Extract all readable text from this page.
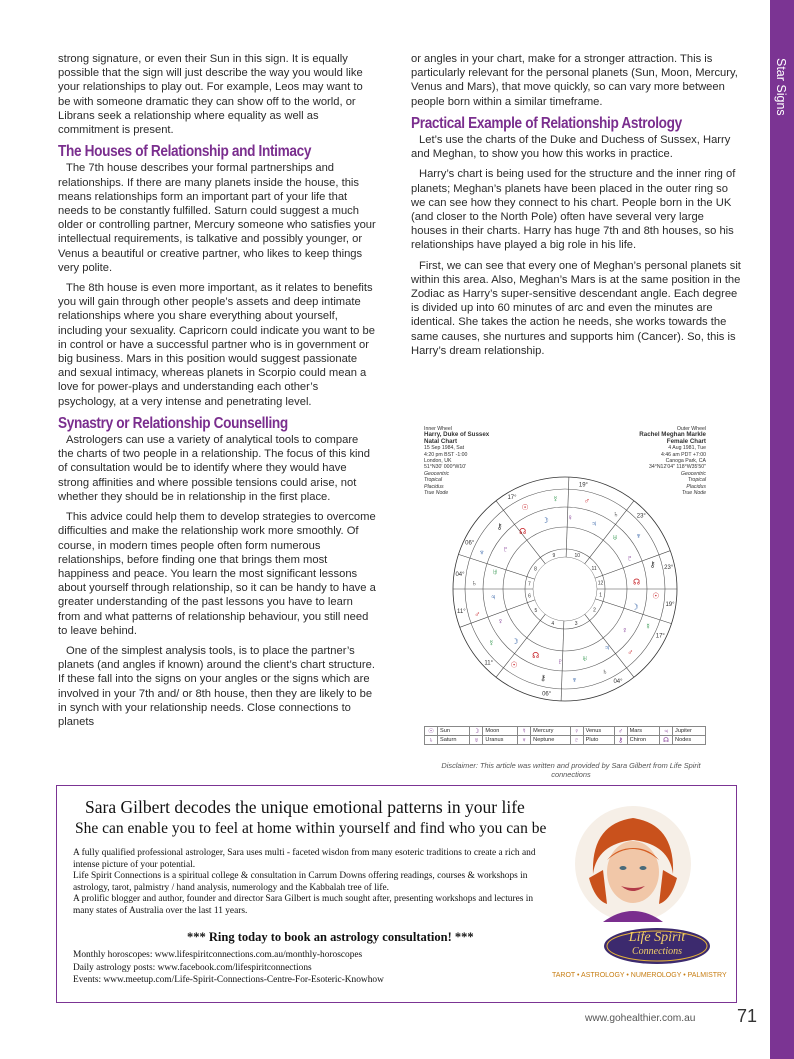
Star Signs

strong signature, or even their Sun in this sign. It is equally possible that the sign will just describe the way you would like your relationships to play out. For example, Leos may want to be with someone dramatic they can show off to the world, or Librans seek a relationship where equality as well as commitment is present.

The Houses of Relationship and Intimacy

The 7th house describes your formal partnerships and relationships. If there are many planets inside the house, this means relationships form an important part of your life that needs to be constantly fulfilled. Saturn could suggest a much older or controlling partner, Mercury someone who satisfies your intellectual requirements, is talkative and possibly younger, or Venus a beautiful or creative partner, who likes to keep things very polite.

The 8th house is even more important, as it relates to benefits you will gain through other people’s assets and deep intimate relationships where you share everything about yourself, including your sexuality. Capricorn could indicate you want to be in control or have a successful partner who is in government or big business. Mars in this position would suggest passionate and sexual intimacy, whereas planets in Scorpio could mean a love for power-plays and understanding each other’s psychology, at a very intense and penetrating level.

Synastry or Relationship Counselling

Astrologers can use a variety of analytical tools to compare the charts of two people in a relationship. The focus of this kind of consultation would be to identify where they would have strong affinities and where possible tensions could arise, not whether they should be in relationship in the first place.

This advice could help them to develop strategies to overcome difficulties and make the relationship work more smoothly. Of course, in modern times people often form numerous relationships, before finding one that brings them most happiness and peace. You learn the most significant lessons about yourself through relationship, so it can be handy to have a greater understanding of the past lessons you have to learn from and what patterns of relationship behaviour, you still need to leave behind.

One of the simplest analysis tools, is to place the partner’s planets (and angles if known) around the client’s chart structure. If these fall into the signs on your angles or the signs which are involved in your 7th and/ or 8th house, then they are likely to be in synch with your relationship needs. Close connections to planets

or angles in your chart, make for a stronger attraction. This is particularly relevant for the personal planets (Sun, Moon, Mercury, Venus and Mars), that move quickly, so can vary more between people born within a similar timeframe.

Practical Example of Relationship Astrology

Let’s use the charts of the Duke and Duchess of Sussex, Harry and Meghan, to show you how this works in practice.

Harry’s chart is being used for the structure and the inner ring of planets; Meghan’s planets have been placed in the outer ring so we can see how they connect to his chart. People born in the UK (and closer to the North Pole) often have several very large houses in their charts. Harry has huge 7th and 8th houses, so his relationships have played a big role in his life.

First, we can see that every one of Meghan’s personal planets sit within this area. Also, Meghan’s Mars is at the same position in the Zodiac as Harry’s super-sensitive descendant angle. Each degree is divided up into 60 minutes of arc and even the minutes are identical. She takes the action he needs, she works towards the same causes, she nurtures and supports him (Cancer). So, this is Harry’s dream relationship.

Inner Wheel
Harry, Duke of Sussex
Natal Chart
15 Sep 1984, Sat
4:20 pm BST -1:00
London, UK
51°N30' 000°W10'
Geocentric
Tropical
Placidus
True Node
Outer Wheel
Rachel Meghan Markle
Female Chart
4 Aug 1981, Tue
4:46 am PDT +7:00
Canoga Park, CA
34°N12'04" 118°W35'50"
Geocentric
Tropical
Placidus
True Node
19°
17°
04°
06°
11°
11°
04°
06°
17°
19°
23°
23°
☉
☽
☿
♀
♂
♃
♄
♅
♆
♇
⚷
☊
☉
☽
☿
♀
♂
♃
♄
♅
♆ ♇
⚷
☊
☉
☽
☿
♀
♂
♃
♄
♅ ♆
♇
⚷
☊
1
2
3
4
5
6
7
8
9	10
11
12
☉	Sun	☽	Moon	☿	Mercury	♀	Venus	♂	Mars	♃	Jupiter
♄	Saturn	♅	Uranus	♆	Neptune	♇	Pluto	⚷	Chiron	☊	Nodes
Disclaimer: This article was written and provided by Sara Gilbert from Life Spirit connections
Sara Gilbert decodes the unique emotional patterns in your life
She can enable you to feel at home within yourself and find who you can be

A fully qualified professional astrologer, Sara uses multi - faceted wisdon from many esoteric traditions to create a rich and intense picture of your potential.

Life Spirit Connections is a spiritual college & consultation in Carrum Downs offering readings, courses & workshops in astrology, tarot, palmistry / hand analysis, numerology and the Kabbalah tree of life.

A prolific blogger and author, founder and director Sara Gilbert is much sought after, presenting workshops and lectures in many states of Australia over the last 11 years.

*** Ring today to book an astrology consultation! ***
Monthly horoscopes: www.lifespiritconnections.com.au/monthly-horoscopes
Daily astrology posts: www.facebook.com/lifespiritconnections
Events: www.meetup.com/Life-Spirit-Connections-Centre-For-Esoteric-Knowhow
Life Spirit
Connections
TAROT • ASTROLOGY • NUMEROLOGY • PALMISTRY
www.gohealthier.com.au 71
